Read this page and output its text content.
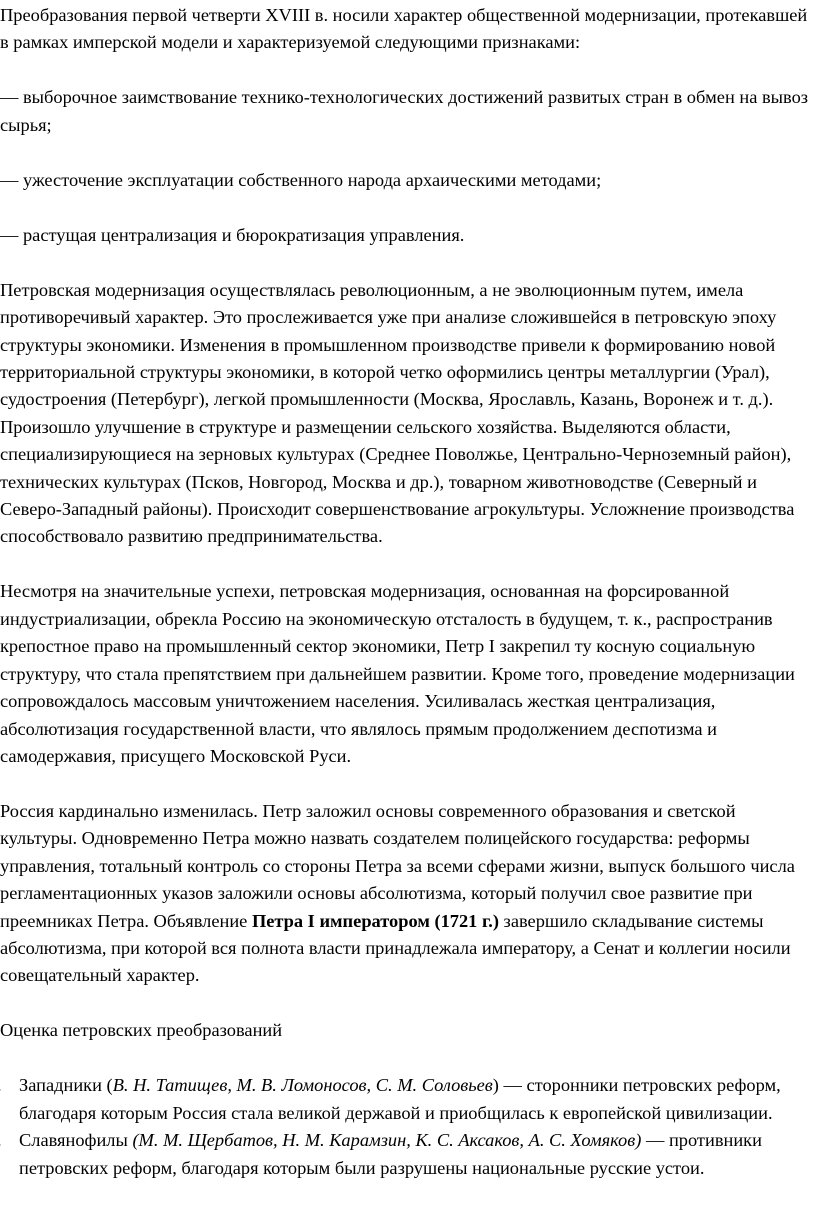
Преобразования первой четверти XVIII в. носили характер общественной модернизации, протекавшей в рамках имперской модели и характеризуемой следующими признаками:

— выборочное заимствование технико-технологических достижений развитых стран в обмен на вывоз сырья;

— ужесточение эксплуатации собственного народа архаическими методами;

— растущая централизация и бюрократизация управления.

Петровская модернизация осуществлялась революционным, а не эволюционным путем, имела противоречивый характер. Это прослеживается уже при анализе сложившейся в петровскую эпоху структуры экономики. Изменения в промышленном производстве привели к формированию новой территориальной структуры экономики, в которой четко оформились центры металлургии (Урал), судостроения (Петербург), легкой промышленности (Москва, Ярославль, Казань, Воронеж и т. д.). Произошло улучшение в структуре и размещении сельского хозяйства. Выделяются области, специализирующиеся на зерновых культурах (Среднее Поволжье, Центрально-Черноземный район), технических культурах (Псков, Новгород, Москва и др.), товарном животноводстве (Северный и Северо-Западный районы). Происходит совершенствование агрокультуры. Усложнение производства способствовало развитию предпринимательства.

Несмотря на значительные успехи, петровская модернизация, основанная на форсированной индустриализации, обрекла Россию на экономическую отсталость в будущем, т. к., распространив крепостное право на промышленный сектор экономики, Петр I закрепил ту косную социальную структуру, что стала препятствием при дальнейшем развитии. Кроме того, проведение модернизации сопровождалось массовым уничтожением населения. Усиливалась жесткая централизация, абсолютизация государственной власти, что являлось прямым продолжением деспотизма и самодержавия, присущего Московской Руси.

Россия кардинально изменилась. Петр заложил основы современного образования и светской культуры. Одновременно Петра можно назвать создателем полицейского государства: реформы управления, тотальный контроль со стороны Петра за всеми сферами жизни, выпуск большого числа регламентационных указов заложили основы абсолютизма, который получил свое развитие при преемниках Петра. Объявление Петра I императором (1721 г.) завершило складывание системы абсолютизма, при которой вся полнота власти принадлежала императору, а Сенат и коллегии носили совещательный характер.

Оценка петровских преобразований

Западники (В. Н. Татищев, М. В. Ломоносов, С. М. Соловьев) — сторонники петровских реформ, благодаря которым Россия стала великой державой и приобщилась к европейской цивилизации.
Славянофилы (М. М. Щербатов, Н. М. Карамзин, К. С. Аксаков, А. С. Хомяков) — противники петровских реформ, благодаря которым были разрушены национальные русские устои.
